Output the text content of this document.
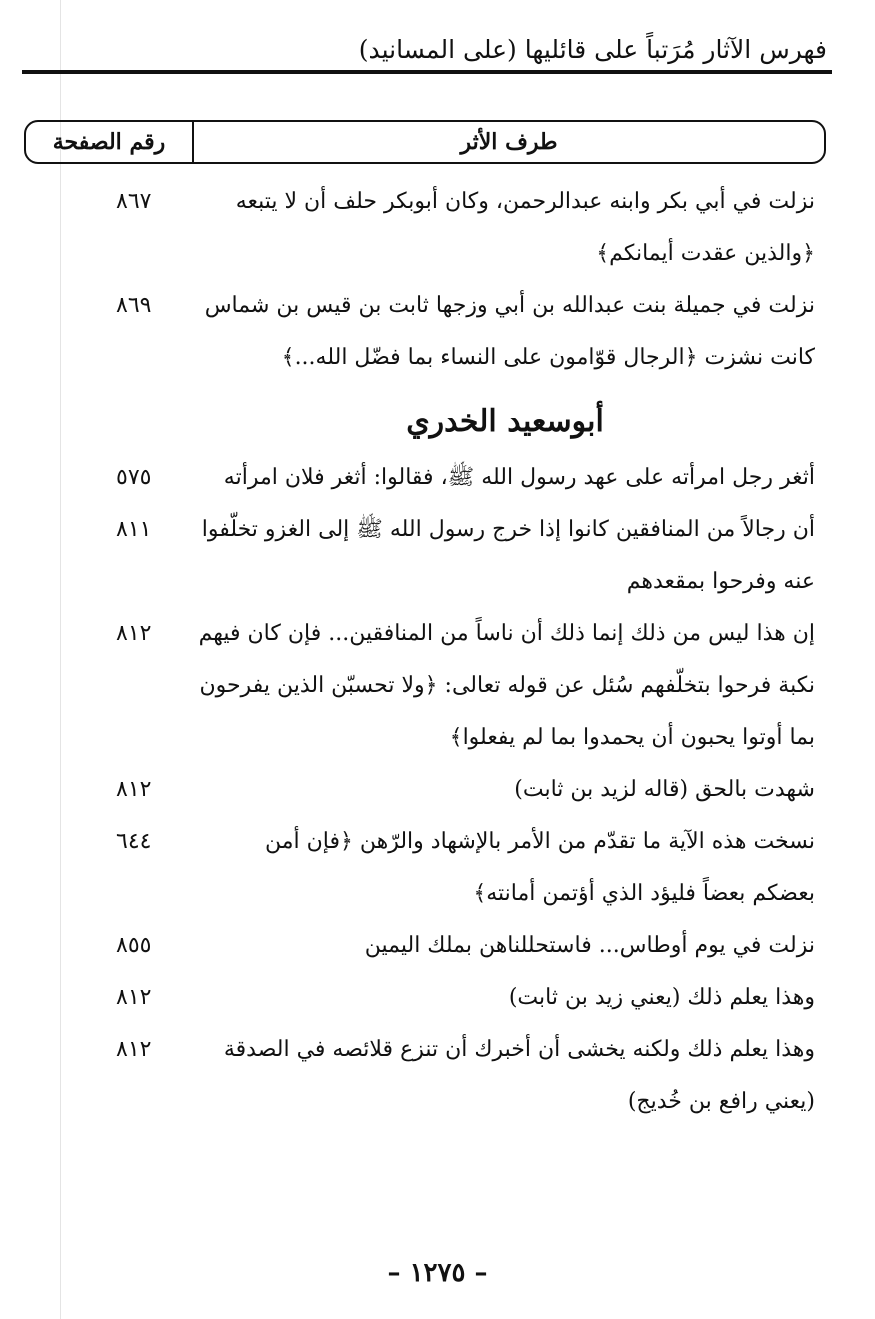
فهرس الآثار مُرَتباً على قائليها (على المسانيد)
طرف الأثر
رقم الصفحة
نزلت في أبي بكر وابنه عبدالرحمن، وكان أبوبكر حلف أن لا يتبعه
﴿والذين عقدت أيمانكم﴾
٨٦٧
نزلت في جميلة بنت عبدالله بن أبي وزجها ثابت بن قيس بن شماس
كانت نشزت ﴿الرجال قوّامون على النساء بما فضّل الله...﴾
٨٦٩
أبوسعيد الخدري
أثغر رجل امرأته على عهد رسول الله ﷺ، فقالوا: أثغر فلان امرأته
٥٧٥
أن رجالاً من المنافقين كانوا إذا خرج رسول الله ﷺ إلى الغزو تخلّفوا
عنه وفرحوا بمقعدهم
٨١١
إن هذا ليس من ذلك إنما ذلك أن ناساً من المنافقين... فإن كان فيهم
نكبة فرحوا بتخلّفهم سُئل عن قوله تعالى: ﴿ولا تحسبّن الذين يفرحون
بما أوتوا يحبون أن يحمدوا بما لم يفعلوا﴾
٨١٢
شهدت بالحق (قاله لزيد بن ثابت)
٨١٢
نسخت هذه الآية ما تقدّم من الأمر بالإشهاد والرّهن ﴿فإن أمن
بعضكم بعضاً فليؤد الذي أؤتمن أمانته﴾
٦٤٤
نزلت في يوم أوطاس... فاستحللناهن بملك اليمين
٨٥٥
وهذا يعلم ذلك (يعني زيد بن ثابت)
٨١٢
وهذا يعلم ذلك ولكنه يخشى أن أخبرك أن تنزع قلائصه في الصدقة
(يعني رافع بن خُديج)
٨١٢
– ١٢٧٥ –
